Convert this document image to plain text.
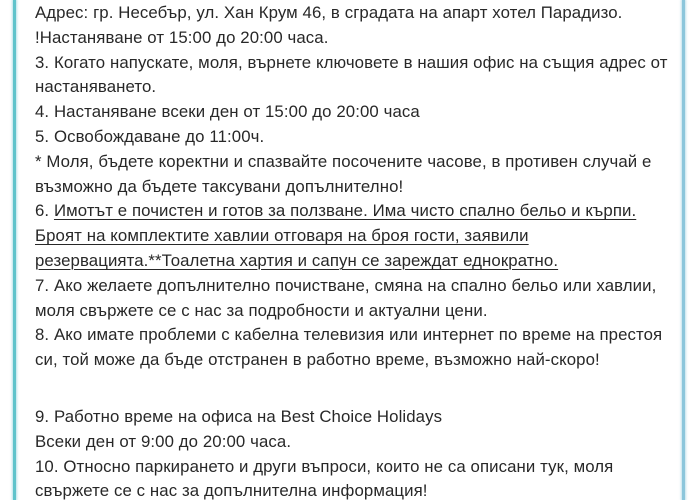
Адрес: гр. Несебър, ул. Хан Крум 46, в сградата на апарт хотел Парадизо.
!Настаняване от 15:00 до 20:00 часа.
3. Когато напускате, моля, върнете ключовете в нашия офис на същия адрес от
настаняването.
4. Настаняване всеки ден от 15:00 до 20:00 часа
5. Освобождаване до 11:00ч.
* Моля, бъдете коректни и спазвайте посочените часове, в противен случай е
възможно да бъдете таксувани допълнително!
6. Имотът е почистен и готов за ползване. Има чисто спално бельо и кърпи.
Броят на комплектите хавлии отговаря на броя гости, заявили
резервацията.**Тоалетна хартия и сапун се зареждат еднократно.
7. Ако желаете допълнително почистване, смяна на спално бельо или хавлии,
моля свържете се с нас за подробности и актуални цени.
8. Ако имате проблеми с кабелна телевизия или интернет по време на престоя
си, той може да бъде отстранен в работно време, възможно най-скоро!
9. Работно време на офиса на Best Choice Holidays
Всеки ден от 9:00 до 20:00 часа.
10. Относно паркирането и други въпроси, които не са описани тук, моля
свържете се с нас за допълнителна информация!
